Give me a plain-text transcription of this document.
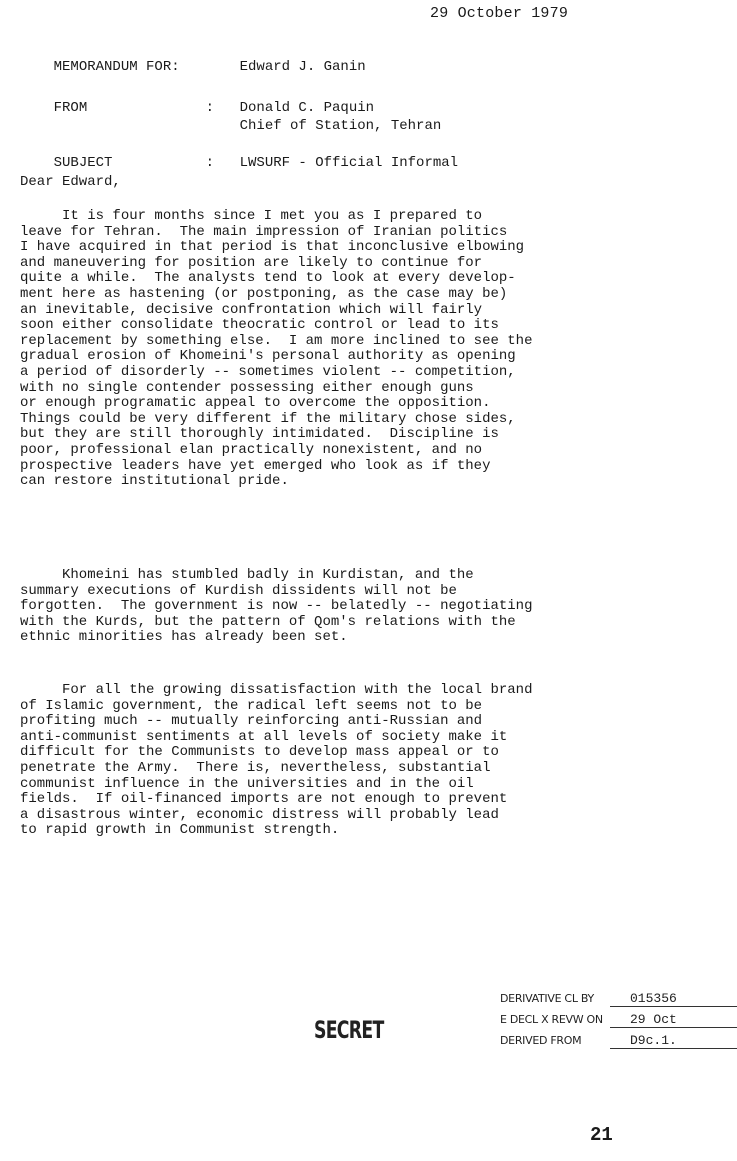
29 October 1979

MEMORANDUM FOR:	Edward J. Ganin

FROM	: Donald C. Paquin
Chief of Station, Tehran

SUBJECT	: LWSURF - Official Informal

Dear Edward,

It is four months since I met you as I prepared to
leave for Tehran.  The main impression of Iranian politics
I have acquired in that period is that inconclusive elbowing
and maneuvering for position are likely to continue for
quite a while.  The analysts tend to look at every develop-
ment here as hastening (or postponing, as the case may be)
an inevitable, decisive confrontation which will fairly
soon either consolidate theocratic control or lead to its
replacement by something else.  I am more inclined to see the
gradual erosion of Khomeini's personal authority as opening
a period of disorderly -- sometimes violent -- competition,
with no single contender possessing either enough guns
or enough programatic appeal to overcome the opposition.
Things could be very different if the military chose sides,
but they are still thoroughly intimidated.  Discipline is
poor, professional elan practically nonexistent, and no
prospective leaders have yet emerged who look as if they
can restore institutional pride.

Khomeini has stumbled badly in Kurdistan, and the
summary executions of Kurdish dissidents will not be
forgotten.  The government is now -- belatedly -- negotiating
with the Kurds, but the pattern of Qom's relations with the
ethnic minorities has already been set.

For all the growing dissatisfaction with the local brand
of Islamic government, the radical left seems not to be
profiting much -- mutually reinforcing anti-Russian and
anti-communist sentiments at all levels of society make it
difficult for the Communists to develop mass appeal or to
penetrate the Army.  There is, nevertheless, substantial
communist influence in the universities and in the oil
fields.  If oil-financed imports are not enough to prevent
a disastrous winter, economic distress will probably lead
to rapid growth in Communist strength.

SECRET
DERIVATIVE CL BY	015356
E DECL X REVW ON 29 Oct
DERIVED FROM	D9c.1.
21
